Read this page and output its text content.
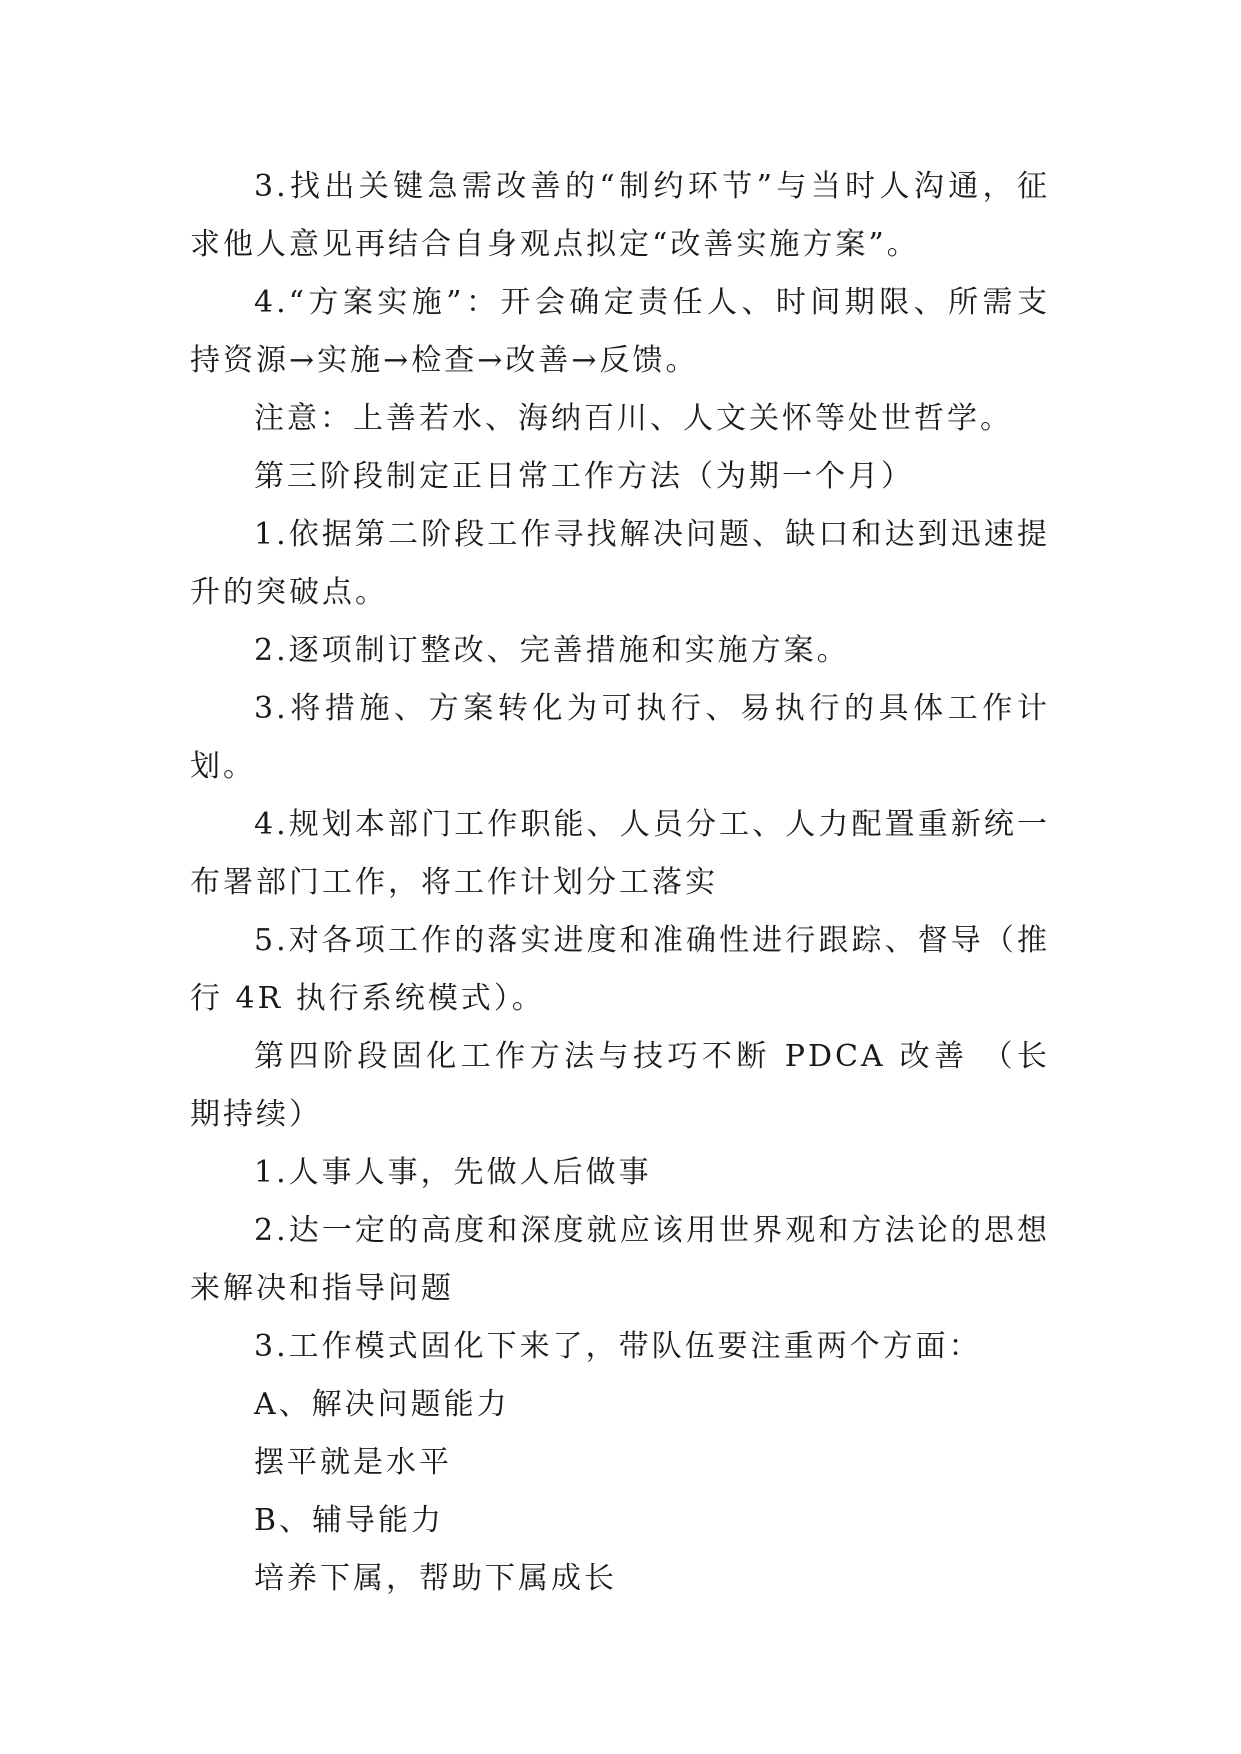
3.找出关键急需改善的“制约环节”与当时人沟通，征求他人意见再结合自身观点拟定“改善实施方案”。

4.“方案实施”：开会确定责任人、时间期限、所需支持资源→实施→检查→改善→反馈。

注意：上善若水、海纳百川、人文关怀等处世哲学。

第三阶段制定正日常工作方法（为期一个月）

1.依据第二阶段工作寻找解决问题、缺口和达到迅速提升的突破点。

2.逐项制订整改、完善措施和实施方案。

3.将措施、方案转化为可执行、易执行的具体工作计划。

4.规划本部门工作职能、人员分工、人力配置重新统一布署部门工作，将工作计划分工落实

5.对各项工作的落实进度和准确性进行跟踪、督导（推行 4R 执行系统模式）。

第四阶段固化工作方法与技巧不断 PDCA 改善 （长期持续）

1.人事人事，先做人后做事

2.达一定的高度和深度就应该用世界观和方法论的思想来解决和指导问题

3.工作模式固化下来了，带队伍要注重两个方面：

A、解决问题能力

摆平就是水平

B、辅导能力

培养下属，帮助下属成长
